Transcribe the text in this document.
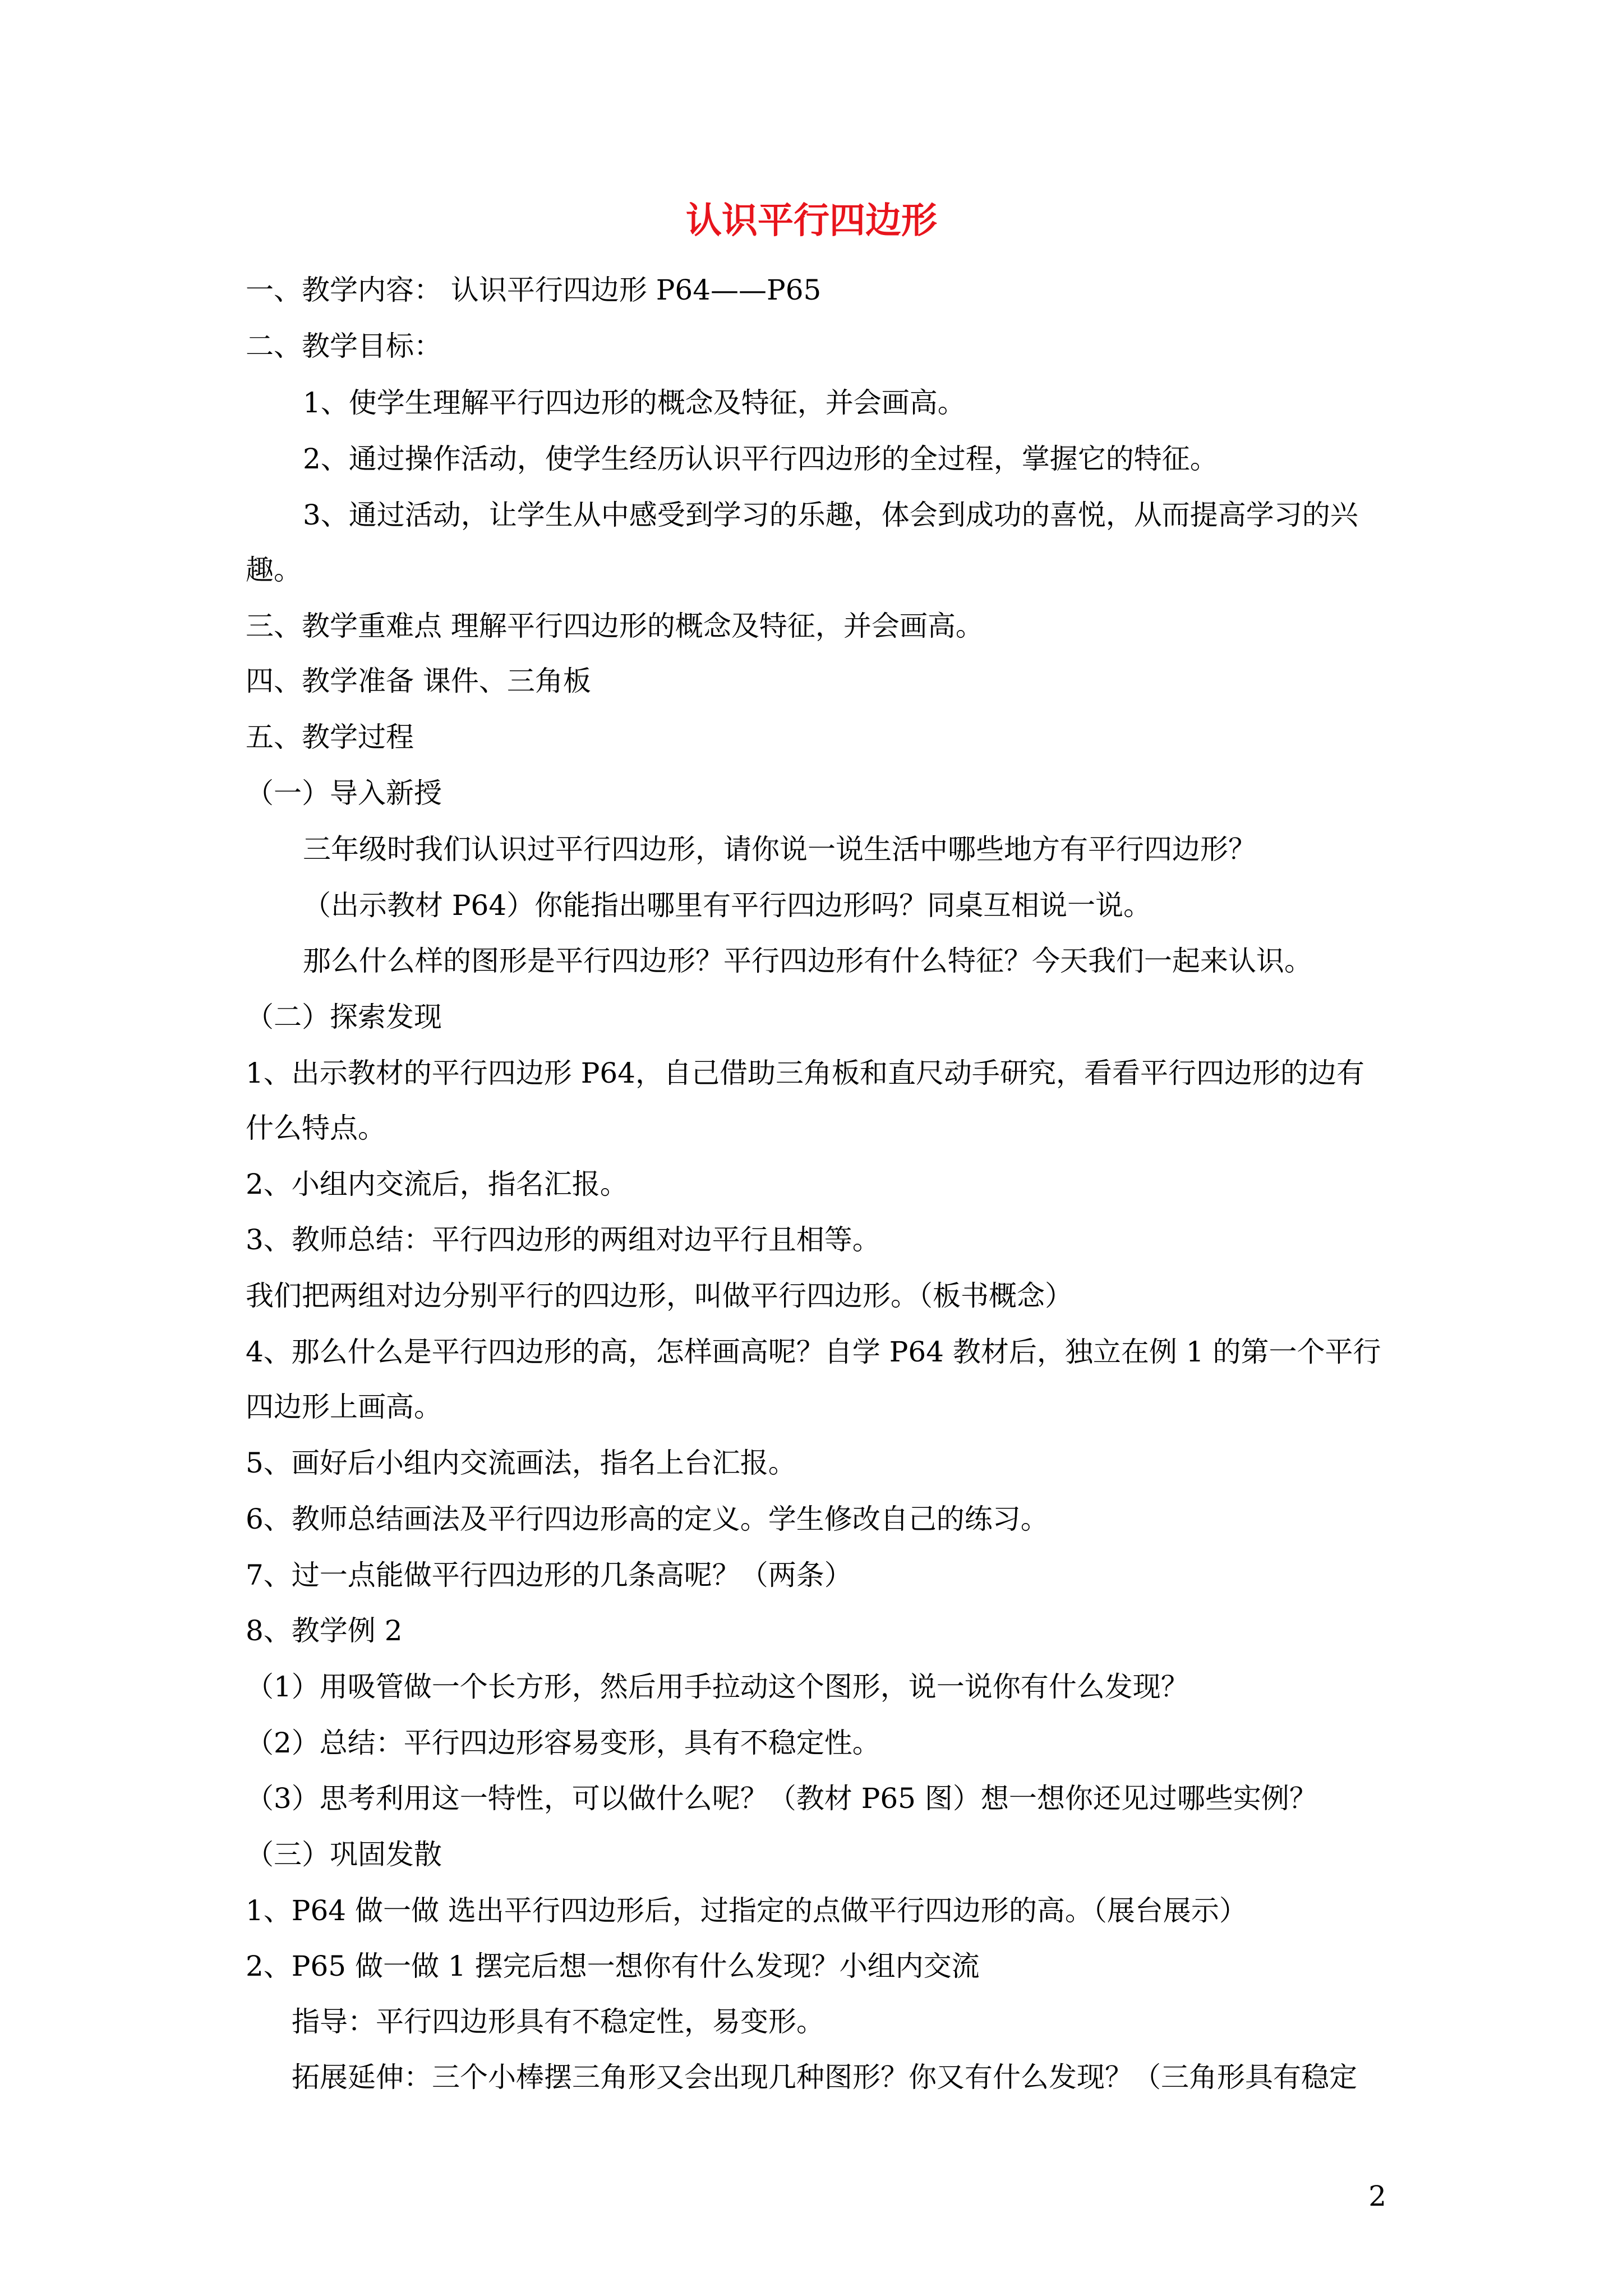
认识平行四边形
一、教学内容： 认识平行四边形 P64——P65
二、教学目标：
1、使学生理解平行四边形的概念及特征，并会画高。
2、通过操作活动，使学生经历认识平行四边形的全过程，掌握它的特征。
3、通过活动，让学生从中感受到学习的乐趣，体会到成功的喜悦，从而提高学习的兴
趣。
三、教学重难点 理解平行四边形的概念及特征，并会画高。
四、教学准备 课件、三角板
五、教学过程
（一）导入新授
三年级时我们认识过平行四边形，请你说一说生活中哪些地方有平行四边形？
（出示教材 P64）你能指出哪里有平行四边形吗？同桌互相说一说。
那么什么样的图形是平行四边形？平行四边形有什么特征？今天我们一起来认识。
（二）探索发现
1、出示教材的平行四边形 P64，自己借助三角板和直尺动手研究，看看平行四边形的边有
什么特点。
2、小组内交流后，指名汇报。
3、教师总结：平行四边形的两组对边平行且相等。
我们把两组对边分别平行的四边形，叫做平行四边形。（板书概念）
4、那么什么是平行四边形的高，怎样画高呢？自学 P64 教材后，独立在例 1 的第一个平行
四边形上画高。
5、画好后小组内交流画法，指名上台汇报。
6、教师总结画法及平行四边形高的定义。学生修改自己的练习。
7、过一点能做平行四边形的几条高呢？（两条）
8、教学例 2
（1）用吸管做一个长方形，然后用手拉动这个图形，说一说你有什么发现？
（2）总结：平行四边形容易变形，具有不稳定性。
（3）思考利用这一特性，可以做什么呢？（教材 P65 图）想一想你还见过哪些实例？
（三）巩固发散
1、P64 做一做 选出平行四边形后，过指定的点做平行四边形的高。（展台展示）
2、P65 做一做 1 摆完后想一想你有什么发现？小组内交流
指导：平行四边形具有不稳定性，易变形。
拓展延伸：三个小棒摆三角形又会出现几种图形？你又有什么发现？（三角形具有稳定
2
